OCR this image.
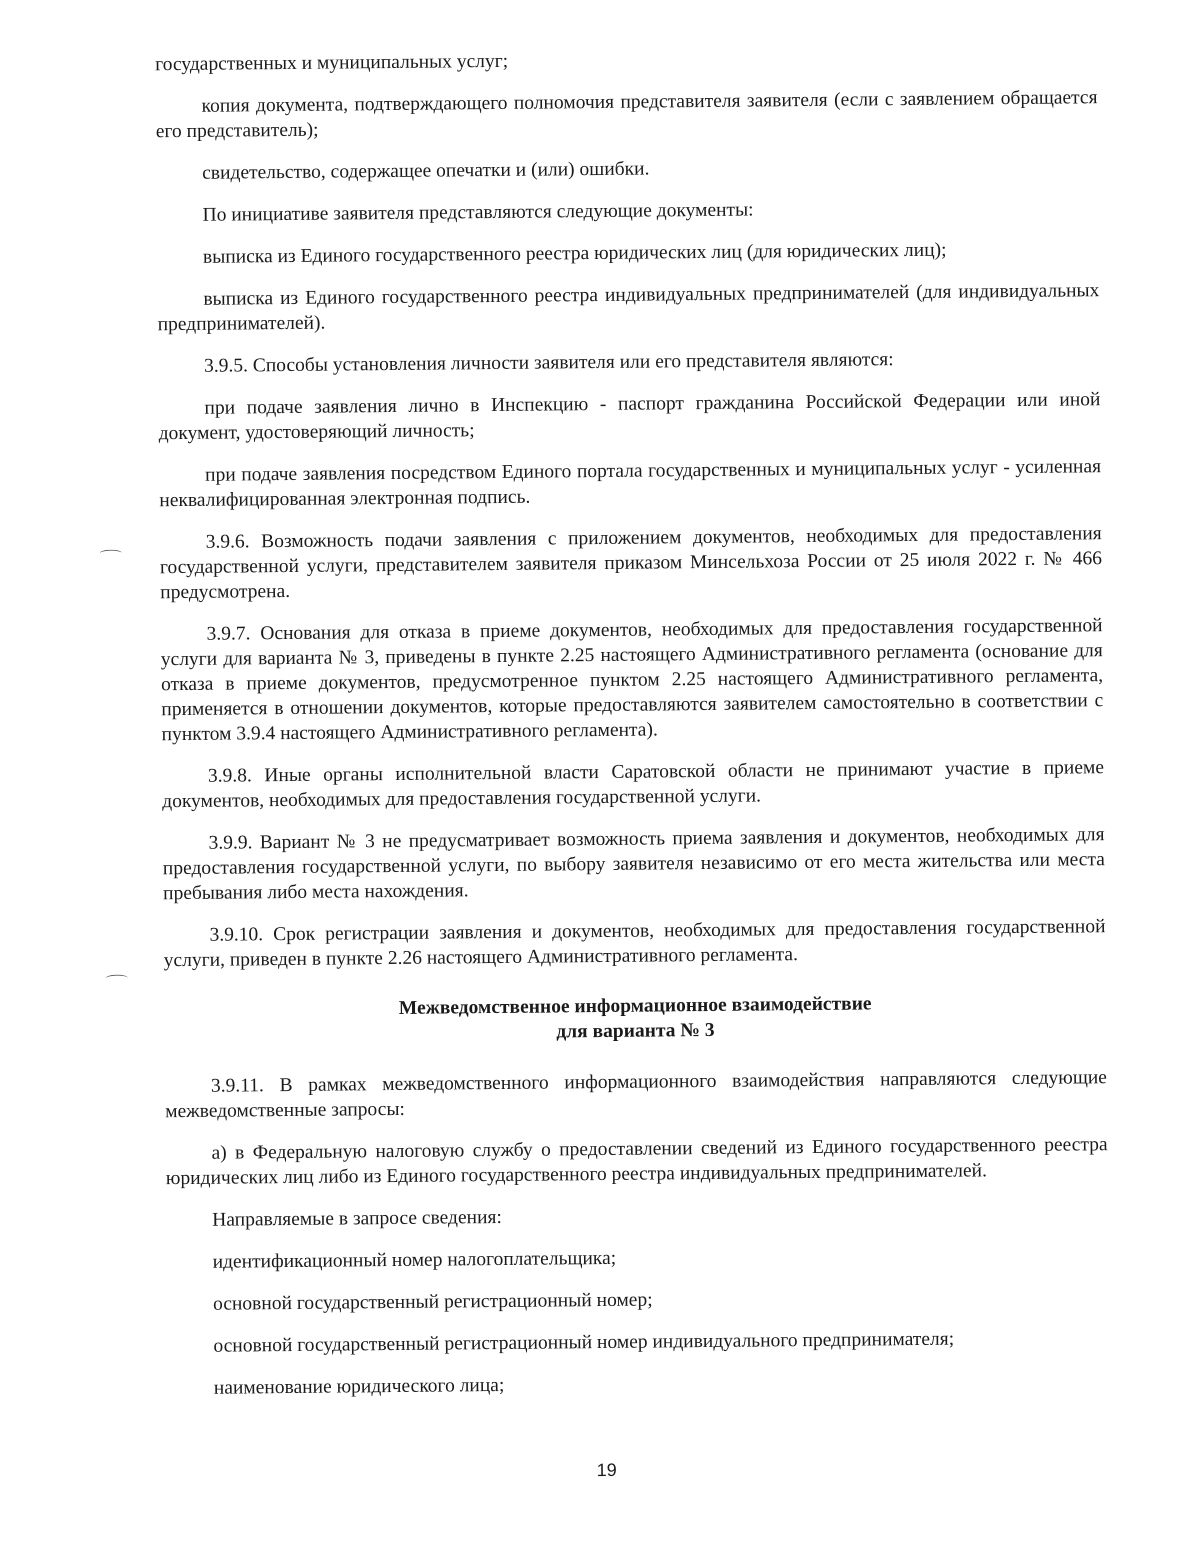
государственных и муниципальных услуг;

копия документа, подтверждающего полномочия представителя заявителя (если с заявлением обращается его представитель);

свидетельство, содержащее опечатки и (или) ошибки.

По инициативе заявителя представляются следующие документы:

выписка из Единого государственного реестра юридических лиц (для юридических лиц);

выписка из Единого государственного реестра индивидуальных предпринимателей (для индивидуальных предпринимателей).

3.9.5. Способы установления личности заявителя или его представителя являются:

при подаче заявления лично в Инспекцию - паспорт гражданина Российской Федерации или иной документ, удостоверяющий личность;

при подаче заявления посредством Единого портала государственных и муниципальных услуг - усиленная неквалифицированная электронная подпись.

3.9.6. Возможность подачи заявления с приложением документов, необходимых для предоставления государственной услуги, представителем заявителя приказом Минсельхоза России от 25 июля 2022 г. № 466 предусмотрена.

3.9.7. Основания для отказа в приеме документов, необходимых для предоставления государственной услуги для варианта № 3, приведены в пункте 2.25 настоящего Административного регламента (основание для отказа в приеме документов, предусмотренное пунктом 2.25 настоящего Административного регламента, применяется в отношении документов, которые предоставляются заявителем самостоятельно в соответствии с пунктом 3.9.4 настоящего Административного регламента).

3.9.8. Иные органы исполнительной власти Саратовской области не принимают участие в приеме документов, необходимых для предоставления государственной услуги.

3.9.9. Вариант № 3 не предусматривает возможность приема заявления и документов, необходимых для предоставления государственной услуги, по выбору заявителя независимо от его места жительства или места пребывания либо места нахождения.

3.9.10. Срок регистрации заявления и документов, необходимых для предоставления государственной услуги, приведен в пункте 2.26 настоящего Административного регламента.

Межведомственное информационное взаимодействие
для варианта № 3

3.9.11. В рамках межведомственного информационного взаимодействия направляются следующие межведомственные запросы:

а) в Федеральную налоговую службу о предоставлении сведений из Единого государственного реестра юридических лиц либо из Единого государственного реестра индивидуальных предпринимателей.

Направляемые в запросе сведения:

идентификационный номер налогоплательщика;

основной государственный регистрационный номер;

основной государственный регистрационный номер индивидуального предпринимателя;

наименование юридического лица;

19
